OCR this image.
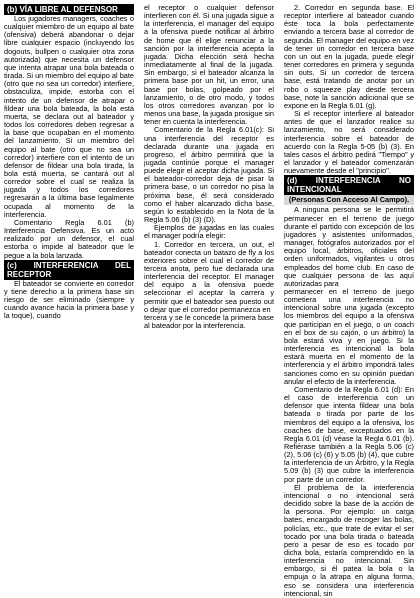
(b) VÍA LIBRE AL DEFENSOR

Los jugadores managers, coaches o cualquier miembro de un equipo al bate (ofensiva) deberá abandonar o dejar libre cualquier espacio (incluyendo los dogouts, bullpen o cualquier otra zona autorizada) que necesita un defensor que intenta atrapar una bola bateada o tirada. Si un miembro del equipo al bate (otro que no sea un corredor) interfiere, obstaculiza, impide, estorba con el intento de un defensor de atrapar o fildear una bola bateada, la bola está muerta, se declara out al bateador y todos los corredores deben regresar a la base que ocupaban en el momento del lanzamiento. Si un miembro del equipo al bate (otro que no sea un corredor) interfiere con el intento de un defensor de fildear una bola tirada, la bola está muerta, se cantará out al corredor sobre el cual se realiza la jugada y todos los corredores regresarán a la última base legalmente ocupada al momento de la interferencia.

Comentario Regla 6.01 (b) Interferencia Defensiva. Es un acto realizado por un defensor, el cual estorba o impide al bateador que le pegue a la bola lanzada.

(c) INTERFERENCIA DEL RECEPTOR

El bateador se convierte en corredor y tiene derecho a la primera base sin riesgo de ser eliminado (siempre y cuando avance hacia la primera base y la toque), cuando

el receptor o cualquier defensor interfieren con él. Si una jugada sigue a la interferencia, el manager del equipo a la ofensiva puede notificar al árbitro de home que él elige renunciar a la sanción por la interferencia acepta la jugada. Dicha elección será hecha inmediatamente al final de la jugada. Sin embargo, si el bateador alcanza la primera base por un hit, un error, una base por bolas, golpeado por el lanzamiento, o de otro modo, y todos los otros corredores avanzan por lo menos una base, la jugada prosigue sin tener en cuenta la interferencia.

Comentario de la Regla 6.01(c): Si una interferencia del receptor es declarada durante una jugada en progreso, el árbitro permitirá que la jugada continúe porque el manager puede elegir el aceptar dicha jugada. Si el bateador-corredor deja de pisar la primera base, o un corredor no pisa la próxima base, él será considerado como el haber alcanzado dicha base, según lo establecido en la Nota de la Regla 5.06 (b) (3) (D).

Ejemplos de jugadas en las cuales el manager podría elegir:

1. Corredor en tercera, un out, el bateador conecta un batazo de fly a los exteriores sobre el cual el corredor de tercera anota, pero fue declarada una interferencia del receptor. El manager del equipo a la ofensiva puede seleccionar el aceptar la carrera y permitir que el bateador sea puesto out o dejar que el corredor permanezca en

tercera y se le concede la primera base al bateador por la interferencia.

2. Corredor en segunda base. El receptor interfiere al bateador cuando éste toca la bola perfectamente enviando a tercera base al corredor de segunda. El manager del equipo en vez de tener un corredor en tercera base con un out en la jugada, puede elegir tener corredores en primera y segunda sin outs. Si un corredor de tercera base, está tratando de anotar por un robo o squeeze play desde tercera base, note la sanción adicional que se expone en la Regla 6.01 (g).

Si el receptor interfiere al bateador antes de que el lanzador realice su lanzamiento, no será considerado interferencia sobre el bateador de acuerdo con la Regla 5-05 (b) (3). En tales casos el árbitro pedirá "Tiempo" y el lanzador y el bateador comenzarán nuevamente desde el "principio".

(d) INTERFERENCIA NO INTENCIONAL
(Personas Con Acceso Al Campo).

A ninguna persona se le permitirá permanecer en el terreno de juego durante el partido con excepción de los jugadores y asistentes uniformados, manager, fotógrafos autorizados por el equipo local, árbitros, oficiales del orden uniformados, vigilantes u otros empleados del home club. En caso de que cualquier persona de las aquí autorizadas para

permanecer en el terreno de juego cometiera una interferencia no intencional sobre una jugada (excepto los miembros del equipo a la ofensiva que participan en el juego, o un coach en el box de su cajón, o un árbitro) la bola estará viva y en juego. Si la interferencia es intencional la bola estará muerta en el momento de la interferencia y el árbitro impondrá tales sanciones como en su opinión puedan anular el efecto de la interferencia.

Comentario de la Regla 6.01 (d): En el caso de interferencia con un defensor que intenta fildear una bola bateada o tirada por parte de los miembros del equipo a la ofensiva, los coaches de base, exceptuados en la Regla 6.01 (d) véase la Regla 6.01 (b). Refiérase también a la Regla 5.06 (c) (2), 5.06 (c) (6) y 5.05 (b) (4), que cubre la interferencia de un Árbitro, y la Regla 5.09 (b) (3) que cubre la interferencia por parte de un corredor.

El problema de la interferencia intencional o no intencional será decidido sobre la base de la acción de la persona. Por ejemplo: un carga bates, encargado de recoger las bolas, policías, etc., que trate de evitar el ser tocado por una bola tirada o bateada pero a pesar de eso es tocado por dicha bola, estaría comprendido en la interferencia no intencional. Sin embargo, si él patea la bola o la empuja o la atrapa en alguna forma, eso se considera una interferencia intencional, sin
